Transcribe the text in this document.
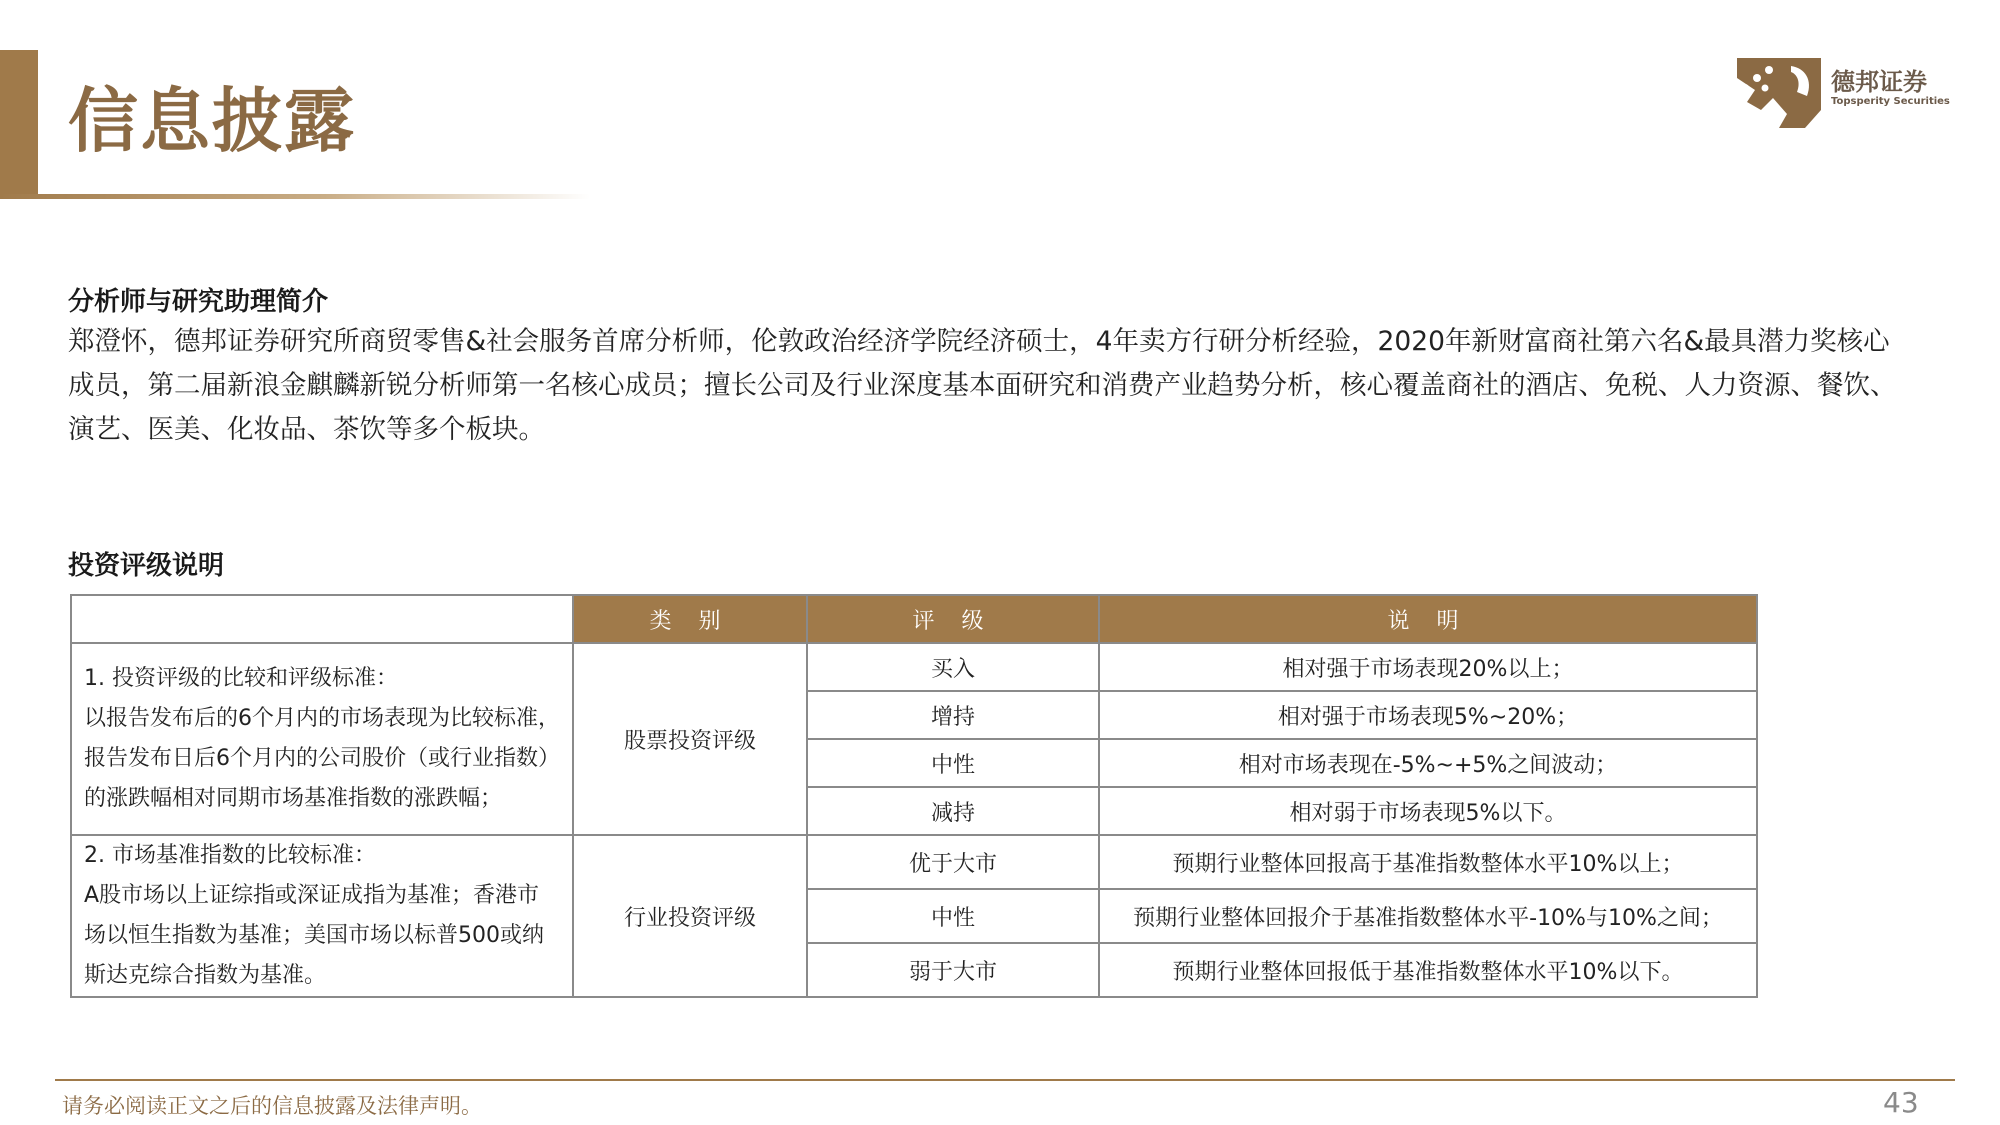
信息披露	德邦证券
Topsperity Securities
分析师与研究助理简介

郑澄怀，德邦证券研究所商贸零售&社会服务首席分析师，伦敦政治经济学院经济硕士，4年卖方行研分析经验，2020年新财富商社第六名&最具潜力奖核心成员，第二届新浪金麒麟新锐分析师第一名核心成员；擅长公司及行业深度基本面研究和消费产业趋势分析，核心覆盖商社的酒店、免税、人力资源、餐饮、演艺、医美、化妆品、茶饮等多个板块。

投资评级说明
	类 别	评 级	说 明

1. 投资评级的比较和评级标准：
以报告发布后的6个月内的市场表现为比较标准，报告发布日后6个月内的公司股价（或行业指数）的涨跌幅相对同期市场基准指数的涨跌幅；	股票投资评级	买入	相对强于市场表现20%以上；
		增持	相对强于市场表现5%~20%；
		中性	相对市场表现在-5%~+5%之间波动；
		减持	相对弱于市场表现5%以下。

2. 市场基准指数的比较标准：
A股市场以上证综指或深证成指为基准；香港市场以恒生指数为基准；美国市场以标普500或纳斯达克综合指数为基准。	行业投资评级	优于大市	预期行业整体回报高于基准指数整体水平10%以上；
		中性	预期行业整体回报介于基准指数整体水平-10%与10%之间；
		弱于大市	预期行业整体回报低于基准指数整体水平10%以下。
请务必阅读正文之后的信息披露及法律声明。	43
